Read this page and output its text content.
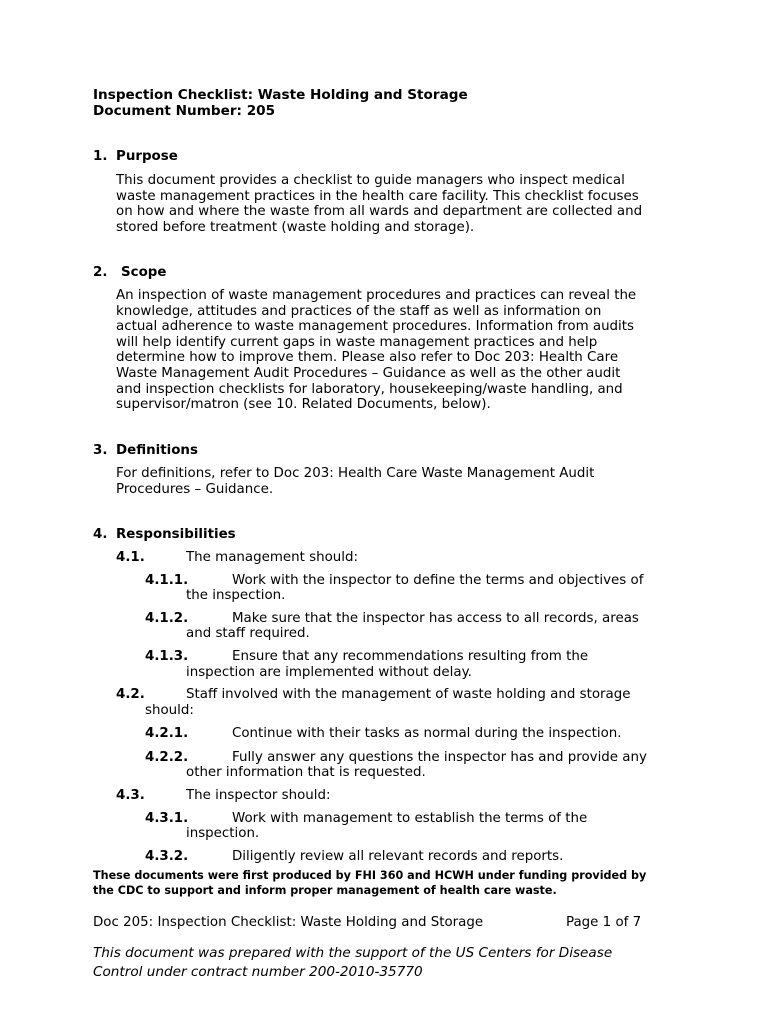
Inspection Checklist: Waste Holding and Storage
Document Number: 205
1. Purpose
This document provides a checklist to guide managers who inspect medical
waste management practices in the health care facility. This checklist focuses
on how and where the waste from all wards and department are collected and
stored before treatment (waste holding and storage).
2. Scope
An inspection of waste management procedures and practices can reveal the
knowledge, attitudes and practices of the staff as well as information on
actual adherence to waste management procedures. Information from audits
will help identify current gaps in waste management practices and help
determine how to improve them. Please also refer to Doc 203: Health Care
Waste Management Audit Procedures – Guidance as well as the other audit
and inspection checklists for laboratory, housekeeping/waste handling, and
supervisor/matron (see 10. Related Documents, below).
3. Definitions
For definitions, refer to Doc 203: Health Care Waste Management Audit
Procedures – Guidance.
4. Responsibilities
4.1.	The management should:
4.1.1.	Work with the inspector to define the terms and objectives of
the inspection.
4.1.2.	Make sure that the inspector has access to all records, areas
and staff required.
4.1.3.	Ensure that any recommendations resulting from the
inspection are implemented without delay.
4.2.	Staff involved with the management of waste holding and storage
should:
4.2.1.	Continue with their tasks as normal during the inspection.
4.2.2.	Fully answer any questions the inspector has and provide any
other information that is requested.
4.3.	The inspector should:
4.3.1.	Work with management to establish the terms of the
inspection.
4.3.2.	Diligently review all relevant records and reports.
These documents were first produced by FHI 360 and HCWH under funding provided by
the CDC to support and inform proper management of health care waste.
Doc 205: Inspection Checklist: Waste Holding and Storage	Page 1 of 7
This document was prepared with the support of the US Centers for Disease
Control under contract number 200-2010-35770
